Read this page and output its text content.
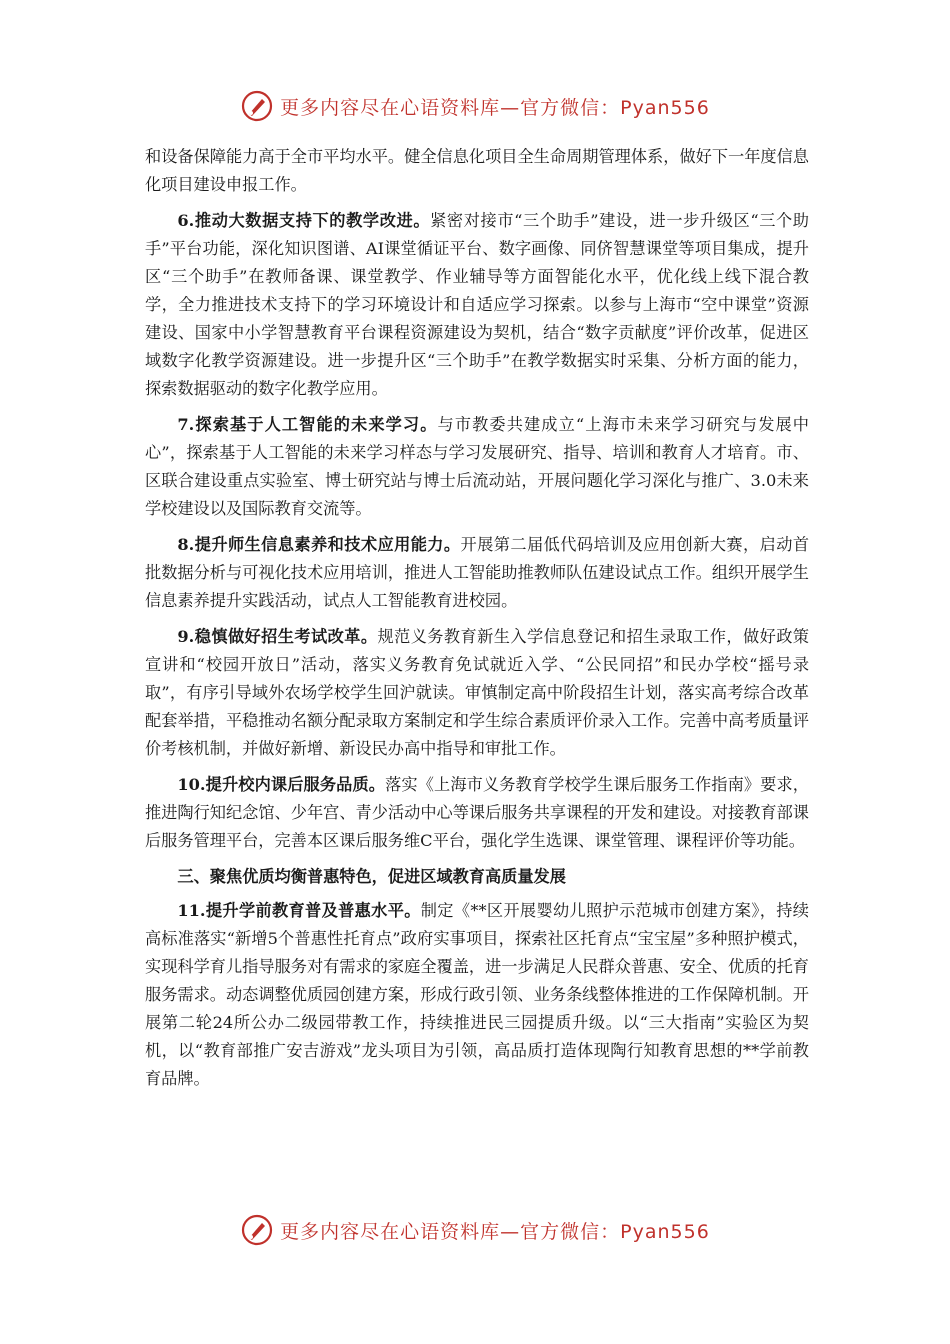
更多内容尽在心语资料库—官方微信：Pyan556

和设备保障能力高于全市平均水平。健全信息化项目全生命周期管理体系，做好下一年度信息化项目建设申报工作。

6.推动大数据支持下的教学改进。紧密对接市“三个助手”建设，进一步升级区“三个助手”平台功能，深化知识图谱、AI课堂循证平台、数字画像、同侪智慧课堂等项目集成，提升区“三个助手”在教师备课、课堂教学、作业辅导等方面智能化水平，优化线上线下混合教学，全力推进技术支持下的学习环境设计和自适应学习探索。以参与上海市“空中课堂”资源建设、国家中小学智慧教育平台课程资源建设为契机，结合“数字贡献度”评价改革，促进区域数字化教学资源建设。进一步提升区“三个助手”在教学数据实时采集、分析方面的能力，探索数据驱动的数字化教学应用。

7.探索基于人工智能的未来学习。与市教委共建成立“上海市未来学习研究与发展中心”，探索基于人工智能的未来学习样态与学习发展研究、指导、培训和教育人才培育。市、区联合建设重点实验室、博士研究站与博士后流动站，开展问题化学习深化与推广、3.0未来学校建设以及国际教育交流等。

8.提升师生信息素养和技术应用能力。开展第二届低代码培训及应用创新大赛，启动首批数据分析与可视化技术应用培训，推进人工智能助推教师队伍建设试点工作。组织开展学生信息素养提升实践活动，试点人工智能教育进校园。

9.稳慎做好招生考试改革。规范义务教育新生入学信息登记和招生录取工作，做好政策宣讲和“校园开放日”活动，落实义务教育免试就近入学、“公民同招”和民办学校“摇号录取”，有序引导域外农场学校学生回沪就读。审慎制定高中阶段招生计划，落实高考综合改革配套举措，平稳推动名额分配录取方案制定和学生综合素质评价录入工作。完善中高考质量评价考核机制，并做好新增、新设民办高中指导和审批工作。

10.提升校内课后服务品质。落实《上海市义务教育学校学生课后服务工作指南》要求，推进陶行知纪念馆、少年宫、青少活动中心等课后服务共享课程的开发和建设。对接教育部课后服务管理平台，完善本区课后服务维C平台，强化学生选课、课堂管理、课程评价等功能。

三、聚焦优质均衡普惠特色，促进区域教育高质量发展

11.提升学前教育普及普惠水平。制定《**区开展婴幼儿照护示范城市创建方案》，持续高标准落实“新增5个普惠性托育点”政府实事项目，探索社区托育点“宝宝屋”多种照护模式，实现科学育儿指导服务对有需求的家庭全覆盖，进一步满足人民群众普惠、安全、优质的托育服务需求。动态调整优质园创建方案，形成行政引领、业务条线整体推进的工作保障机制。开展第二轮24所公办二级园带教工作，持续推进民三园提质升级。以“三大指南”实验区为契机，以“教育部推广安吉游戏”龙头项目为引领，高品质打造体现陶行知教育思想的**学前教育品牌。

更多内容尽在心语资料库—官方微信：Pyan556
